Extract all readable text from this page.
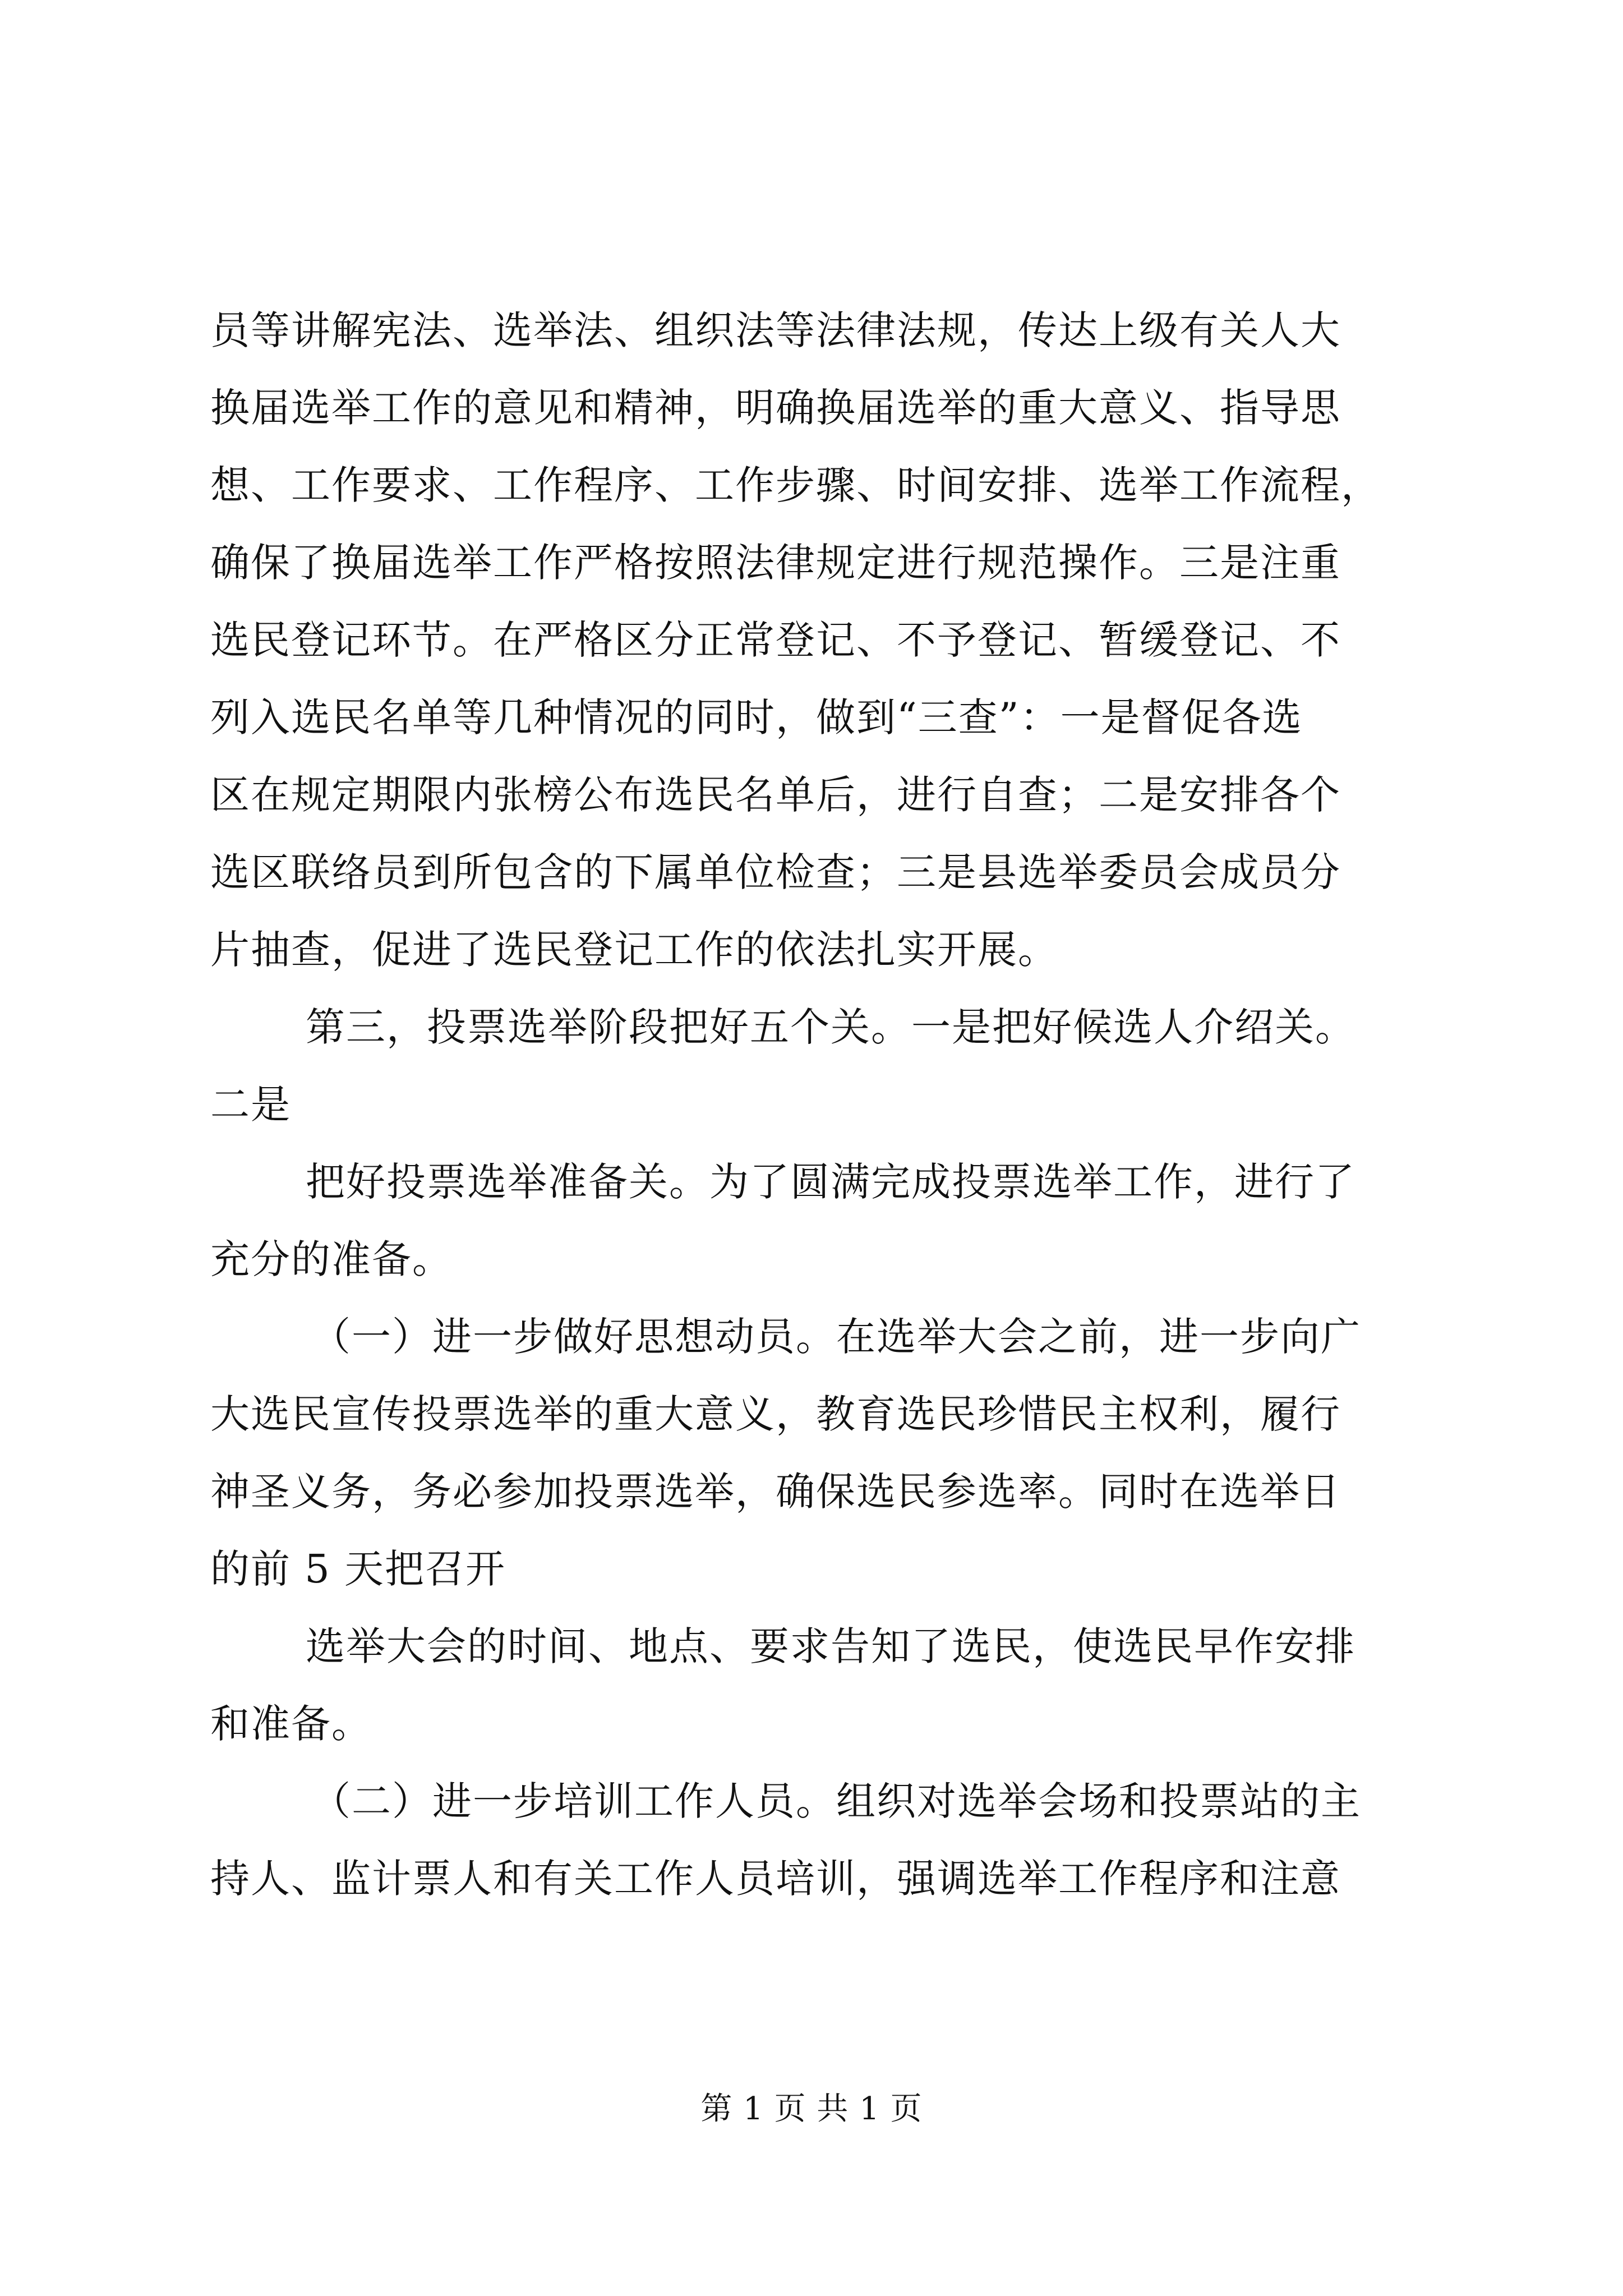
员等讲解宪法、选举法、组织法等法律法规，传达上级有关人大
换届选举工作的意见和精神，明确换届选举的重大意义、指导思
想、工作要求、工作程序、工作步骤、时间安排、选举工作流程，
确保了换届选举工作严格按照法律规定进行规范操作。三是注重
选民登记环节。在严格区分正常登记、不予登记、暂缓登记、不
列入选民名单等几种情况的同时，做到“三查”：一是督促各选
区在规定期限内张榜公布选民名单后，进行自查；二是安排各个
选区联络员到所包含的下属单位检查；三是县选举委员会成员分
片抽查，促进了选民登记工作的依法扎实开展。
第三，投票选举阶段把好五个关。一是把好候选人介绍关。
二是
把好投票选举准备关。为了圆满完成投票选举工作，进行了
充分的准备。
（一）进一步做好思想动员。在选举大会之前，进一步向广
大选民宣传投票选举的重大意义，教育选民珍惜民主权利，履行
神圣义务，务必参加投票选举，确保选民参选率。同时在选举日
的前 5 天把召开
选举大会的时间、地点、要求告知了选民，使选民早作安排
和准备。
（二）进一步培训工作人员。组织对选举会场和投票站的主
持人、监计票人和有关工作人员培训，强调选举工作程序和注意
第 1 页 共 1 页
